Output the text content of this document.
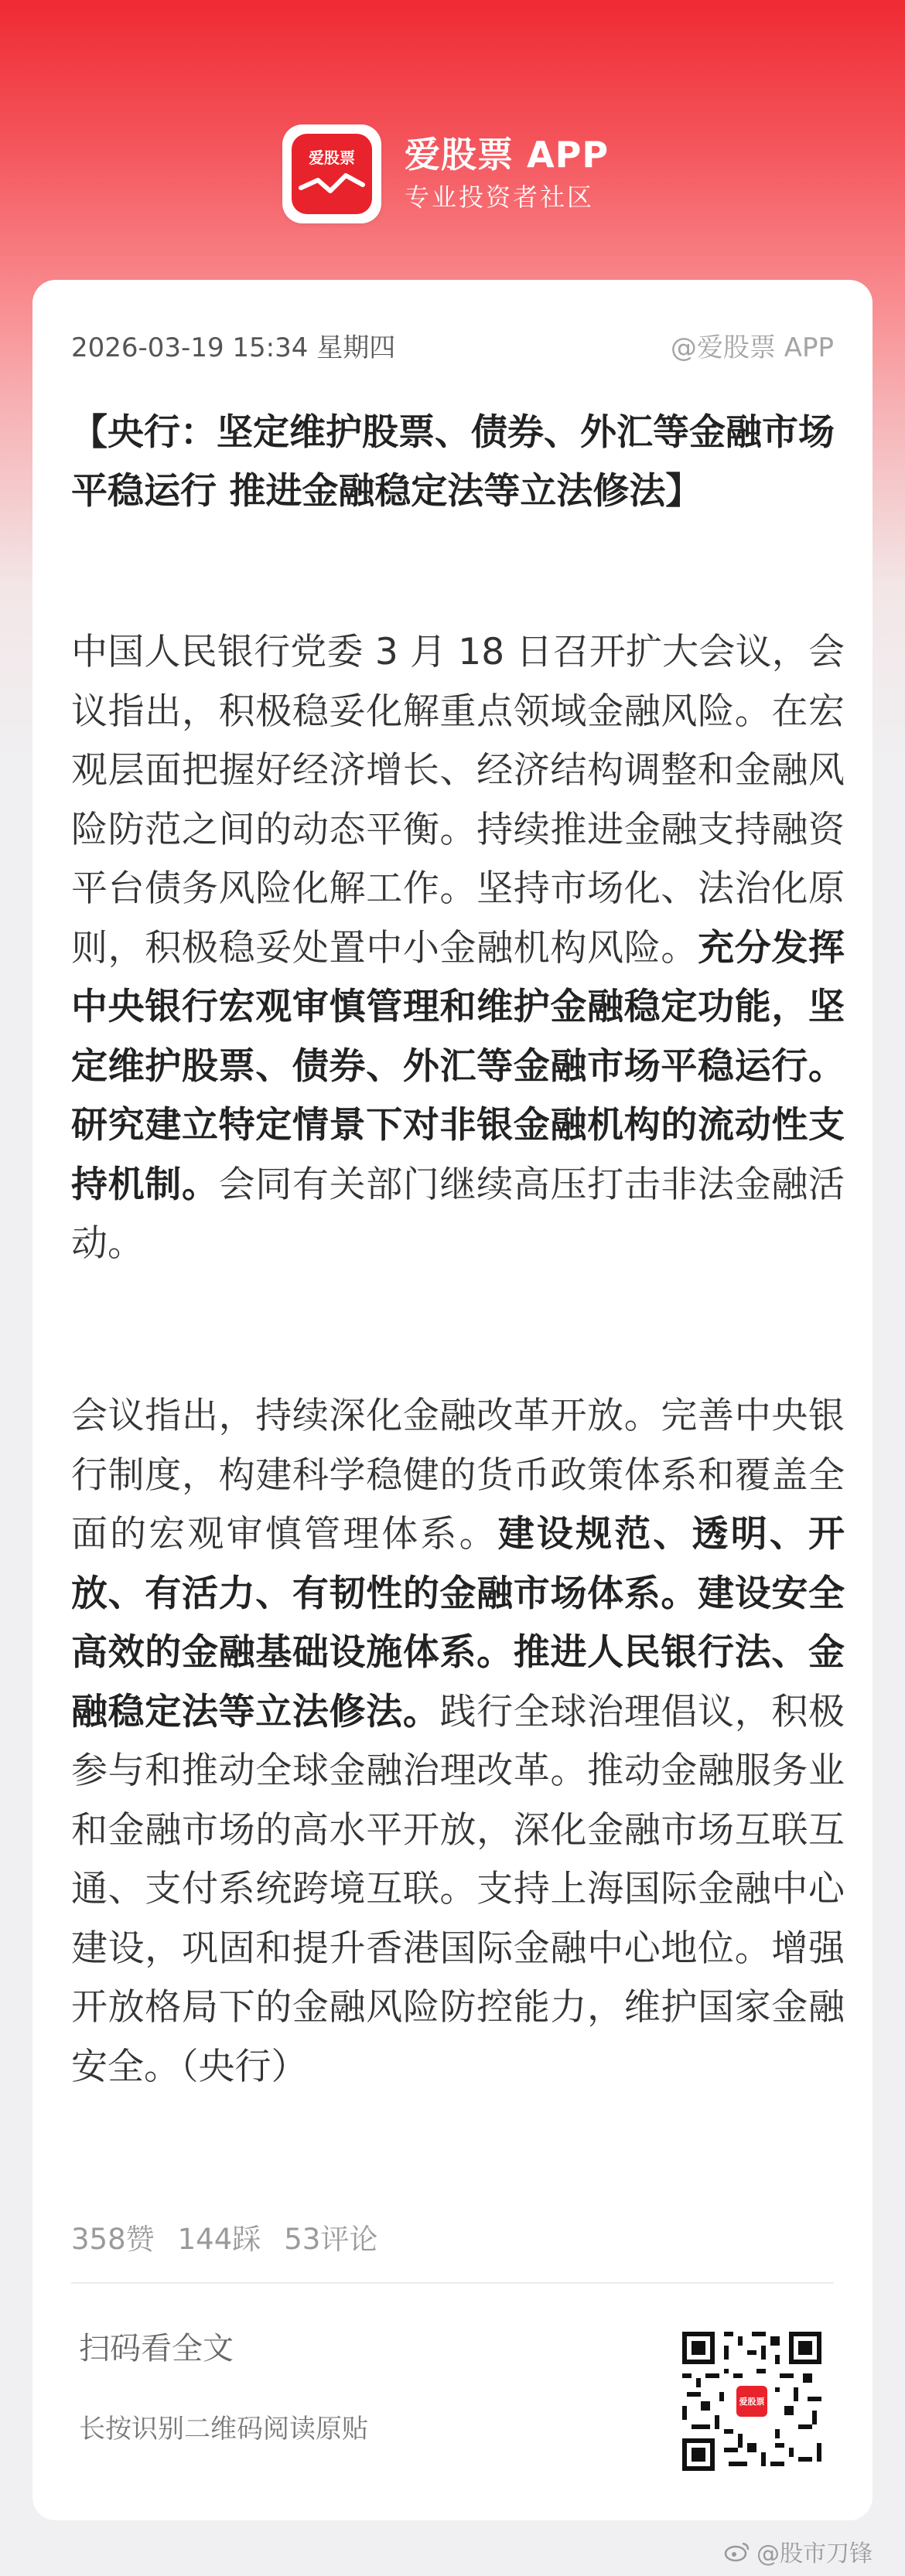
爱股票 爱股票 APP
专业投资者社区
2026-03-19 15:34 星期四	@爱股票 APP
【央行：坚定维护股票、债券、外汇等金融市场平稳运行 推进金融稳定法等立法修法】

中国人民银行党委 3 月 18 日召开扩大会议，会议指出，积极稳妥化解重点领域金融风险。在宏观层面把握好经济增长、经济结构调整和金融风险防范之间的动态平衡。持续推进金融支持融资平台债务风险化解工作。坚持市场化、法治化原则，积极稳妥处置中小金融机构风险。充分发挥中央银行宏观审慎管理和维护金融稳定功能，坚定维护股票、债券、外汇等金融市场平稳运行。研究建立特定情景下对非银金融机构的流动性支持机制。会同有关部门继续高压打击非法金融活动。

会议指出，持续深化金融改革开放。完善中央银行制度，构建科学稳健的货币政策体系和覆盖全面的宏观审慎管理体系。建设规范、透明、开放、有活力、有韧性的金融市场体系。建设安全高效的金融基础设施体系。推进人民银行法、金融稳定法等立法修法。践行全球治理倡议，积极参与和推动全球金融治理改革。推动金融服务业和金融市场的高水平开放，深化金融市场互联互通、支付系统跨境互联。支持上海国际金融中心建设，巩固和提升香港国际金融中心地位。增强开放格局下的金融风险防控能力，维护国家金融安全。（央行）

358赞 144踩 53评论
扫码看全文
长按识别二维码阅读原贴
爱股票
@股市刀锋
